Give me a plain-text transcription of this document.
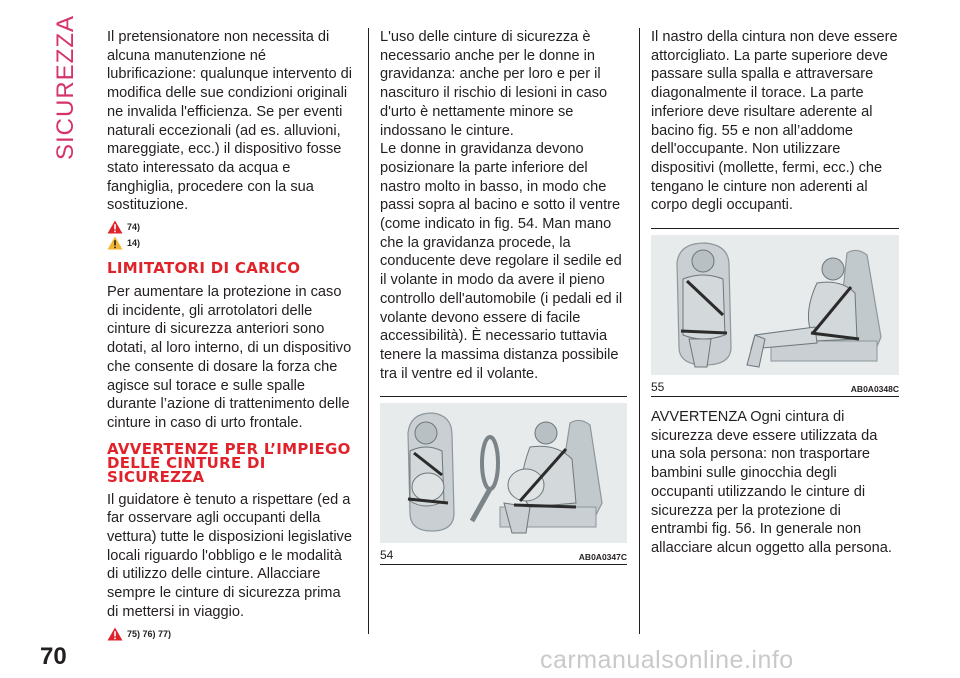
SICUREZZA Il pretensionatore non necessita di alcuna manutenzione né lubrificazione: qualunque intervento di modifica delle sue condizioni originali ne invalida l'efficienza. Se per eventi naturali eccezionali (ad es. alluvioni, mareggiate, ecc.) il dispositivo fosse stato interessato da acqua e fanghiglia, procedere con la sua sostituzione.

74)
14)
LIMITATORI DI CARICO

Per aumentare la protezione in caso di incidente, gli arrotolatori delle cinture di sicurezza anteriori sono dotati, al loro interno, di un dispositivo che consente di dosare la forza che agisce sul torace e sulle spalle durante l’azione di trattenimento delle cinture in caso di urto frontale.

AVVERTENZE PER L’IMPIEGO DELLE CINTURE DI SICUREZZA

Il guidatore è tenuto a rispettare (ed a far osservare agli occupanti della vettura) tutte le disposizioni legislative locali riguardo l'obbligo e le modalità di utilizzo delle cinture. Allacciare sempre le cinture di sicurezza prima di mettersi in viaggio.

75) 76) 77)

L'uso delle cinture di sicurezza è necessario anche per le donne in gravidanza: anche per loro e per il nascituro il rischio di lesioni in caso d'urto è nettamente minore se indossano le cinture.

Le donne in gravidanza devono posizionare la parte inferiore del nastro molto in basso, in modo che passi sopra al bacino e sotto il ventre (come indicato in fig. 54. Man mano che la gravidanza procede, la conducente deve regolare il sedile ed il volante in modo da avere il pieno controllo dell'automobile (i pedali ed il volante devono essere di facile accessibilità). È necessario tuttavia tenere la massima distanza possibile tra il ventre ed il volante.

54	AB0A0347C

Il nastro della cintura non deve essere attorcigliato. La parte superiore deve passare sulla spalla e attraversare diagonalmente il torace. La parte inferiore deve risultare aderente al bacino fig. 55 e non all’addome dell'occupante. Non utilizzare dispositivi (mollette, fermi, ecc.) che tengano le cinture non aderenti al corpo degli occupanti.

55	AB0A0348C

AVVERTENZA Ogni cintura di sicurezza deve essere utilizzata da una sola persona: non trasportare bambini sulle ginocchia degli occupanti utilizzando le cinture di sicurezza per la protezione di entrambi fig. 56. In generale non allacciare alcun oggetto alla persona.

70	carmanualsonline.info
